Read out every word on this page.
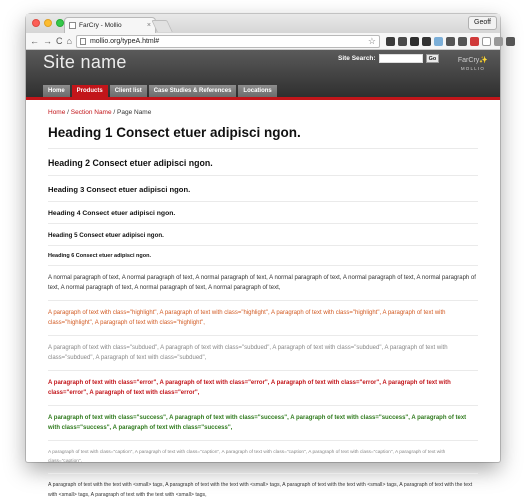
FarCry - Mollio	×	Geoff
← → C ⌂	mollio.org/typeA.html#	☆
Site name	Site Search:	Go	FarCry✨
MOLLIO
Home	Products	Client list	Case Studies & References	Locations
Home / Section Name / Page Name
Heading 1 Consect etuer adipisci ngon.
Heading 2 Consect etuer adipisci ngon.
Heading 3 Consect etuer adipisci ngon.
Heading 4 Consect etuer adipisci ngon.
Heading 5 Consect etuer adipisci ngon.
Heading 6 Consect etuer adipisci ngon.
A normal paragraph of text, A normal paragraph of text, A normal paragraph of text, A normal paragraph of text, A normal paragraph of text, A normal paragraph of text, A normal paragraph of text, A normal paragraph of text, A normal paragraph of text,
A paragraph of text with class="highlight", A paragraph of text with class="highlight", A paragraph of text with class="highlight", A paragraph of text with class="highlight", A paragraph of text with class="highlight",
A paragraph of text with class="subdued", A paragraph of text with class="subdued", A paragraph of text with class="subdued", A paragraph of text with class="subdued", A paragraph of text with class="subdued",
A paragraph of text with class="error", A paragraph of text with class="error", A paragraph of text with class="error", A paragraph of text with class="error", A paragraph of text with class="error",
A paragraph of text with class="success", A paragraph of text with class="success", A paragraph of text with class="success", A paragraph of text with class="success", A paragraph of text with class="success",
A paragraph of text with class="caption", A paragraph of text with class="caption", A paragraph of text with class="caption", A paragraph of text with class="caption", A paragraph of text with class="caption",
A paragraph of text with the text with <small> tags, A paragraph of text with the text with <small> tags, A paragraph of text with the text with <small> tags, A paragraph of text with the text with <small> tags, A paragraph of text with the text with <small> tags,
